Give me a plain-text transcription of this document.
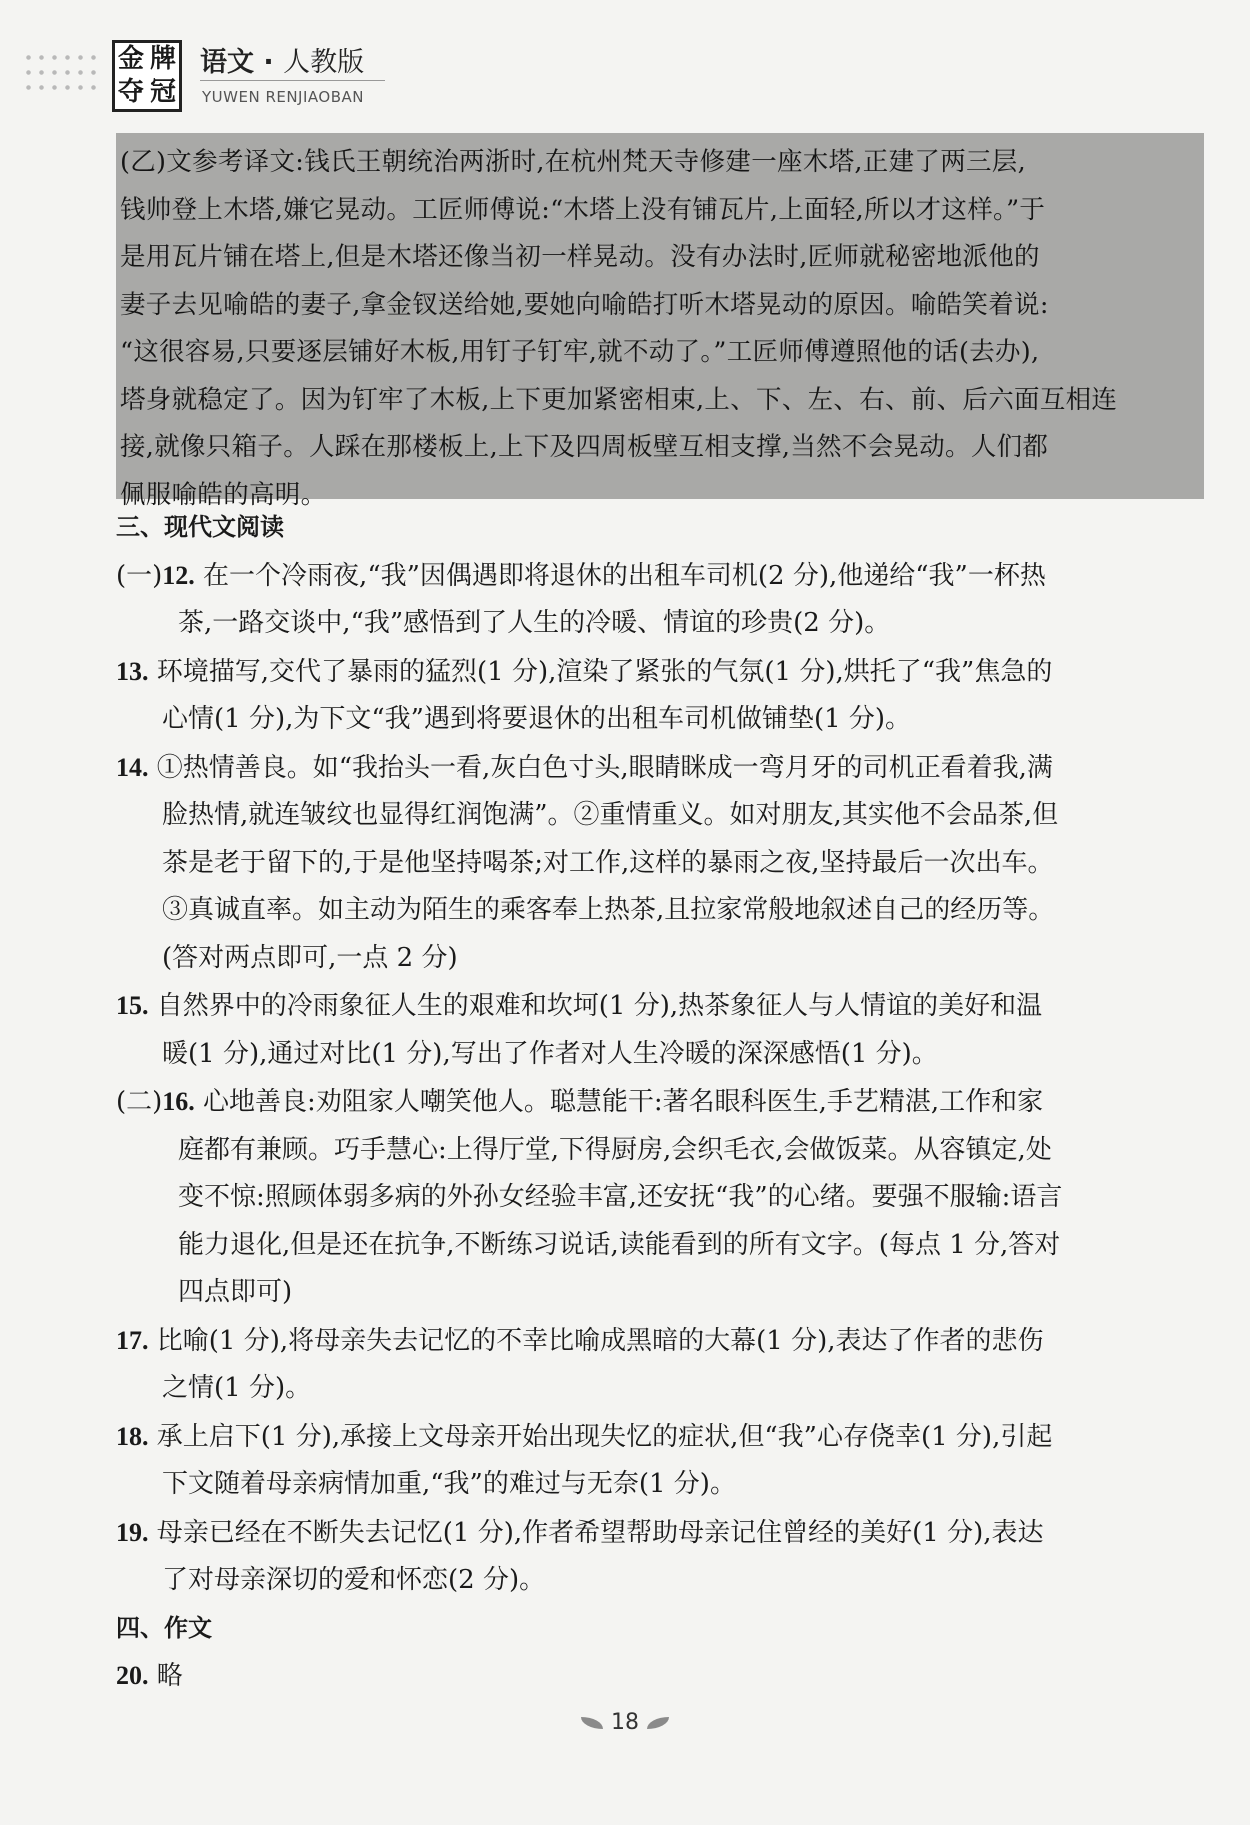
金 牌
夺 冠
语文 · 人教版
YUWEN RENJIAOBAN

(乙)文参考译文:钱氏王朝统治两浙时,在杭州梵天寺修建一座木塔,正建了两三层,

钱帅登上木塔,嫌它晃动。工匠师傅说:“木塔上没有铺瓦片,上面轻,所以才这样。”于

是用瓦片铺在塔上,但是木塔还像当初一样晃动。没有办法时,匠师就秘密地派他的

妻子去见喻皓的妻子,拿金钗送给她,要她向喻皓打听木塔晃动的原因。喻皓笑着说:

“这很容易,只要逐层铺好木板,用钉子钉牢,就不动了。”工匠师傅遵照他的话(去办),

塔身就稳定了。因为钉牢了木板,上下更加紧密相束,上、下、左、右、前、后六面互相连

接,就像只箱子。人踩在那楼板上,上下及四周板壁互相支撑,当然不会晃动。人们都

佩服喻皓的高明。

三、现代文阅读
(一)12. 在一个冷雨夜,“我”因偶遇即将退休的出租车司机(2 分),他递给“我”一杯热
茶,一路交谈中,“我”感悟到了人生的冷暖、情谊的珍贵(2 分)。
13. 环境描写,交代了暴雨的猛烈(1 分),渲染了紧张的气氛(1 分),烘托了“我”焦急的
心情(1 分),为下文“我”遇到将要退休的出租车司机做铺垫(1 分)。
14. ①热情善良。如“我抬头一看,灰白色寸头,眼睛眯成一弯月牙的司机正看着我,满
脸热情,就连皱纹也显得红润饱满”。②重情重义。如对朋友,其实他不会品茶,但
茶是老于留下的,于是他坚持喝茶;对工作,这样的暴雨之夜,坚持最后一次出车。
③真诚直率。如主动为陌生的乘客奉上热茶,且拉家常般地叙述自己的经历等。
(答对两点即可,一点 2 分)
15. 自然界中的冷雨象征人生的艰难和坎坷(1 分),热茶象征人与人情谊的美好和温
暖(1 分),通过对比(1 分),写出了作者对人生冷暖的深深感悟(1 分)。
(二)16. 心地善良:劝阻家人嘲笑他人。聪慧能干:著名眼科医生,手艺精湛,工作和家
庭都有兼顾。巧手慧心:上得厅堂,下得厨房,会织毛衣,会做饭菜。从容镇定,处
变不惊:照顾体弱多病的外孙女经验丰富,还安抚“我”的心绪。要强不服输:语言
能力退化,但是还在抗争,不断练习说话,读能看到的所有文字。(每点 1 分,答对
四点即可)
17. 比喻(1 分),将母亲失去记忆的不幸比喻成黑暗的大幕(1 分),表达了作者的悲伤
之情(1 分)。
18. 承上启下(1 分),承接上文母亲开始出现失忆的症状,但“我”心存侥幸(1 分),引起
下文随着母亲病情加重,“我”的难过与无奈(1 分)。
19. 母亲已经在不断失去记忆(1 分),作者希望帮助母亲记住曾经的美好(1 分),表达
了对母亲深切的爱和怀恋(2 分)。
四、作文
20. 略
18
